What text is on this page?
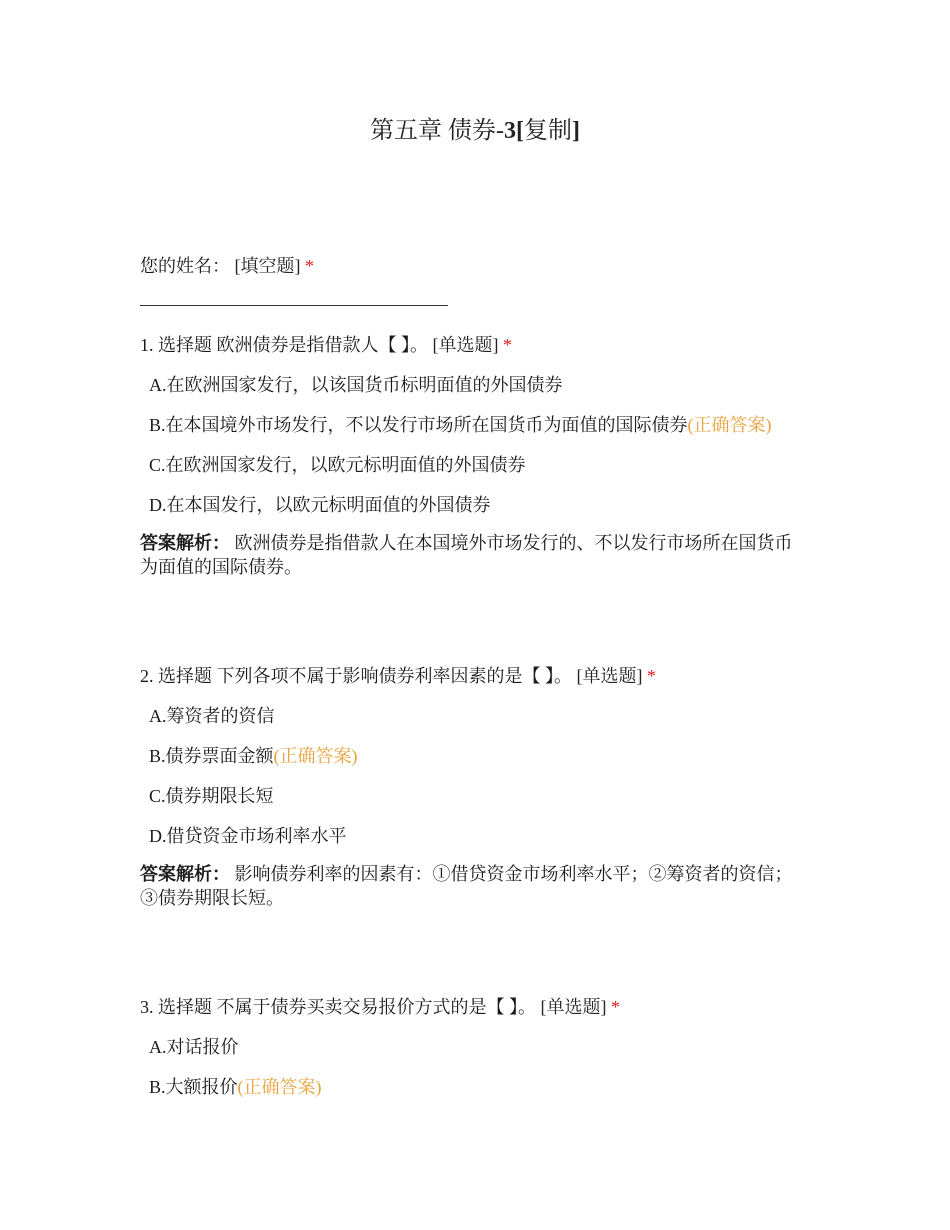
第五章 债券-3[复制]
您的姓名： [填空题] *
1. 选择题 欧洲债券是指借款人【 】。 [单选题] *
A.在欧洲国家发行，以该国货币标明面值的外国债券
B.在本国境外市场发行，不以发行市场所在国货币为面值的国际债券(正确答案)
C.在欧洲国家发行，以欧元标明面值的外国债券
D.在本国发行，以欧元标明面值的外国债券
答案解析： 欧洲债券是指借款人在本国境外市场发行的、不以发行市场所在国货币为面值的国际债券。
2. 选择题 下列各项不属于影响债券利率因素的是【 】。 [单选题] *
A.筹资者的资信
B.债券票面金额(正确答案)
C.债券期限长短
D.借贷资金市场利率水平
答案解析： 影响债券利率的因素有：①借贷资金市场利率水平；②筹资者的资信；③债券期限长短。
3. 选择题 不属于债券买卖交易报价方式的是【 】。 [单选题] *
A.对话报价
B.大额报价(正确答案)
